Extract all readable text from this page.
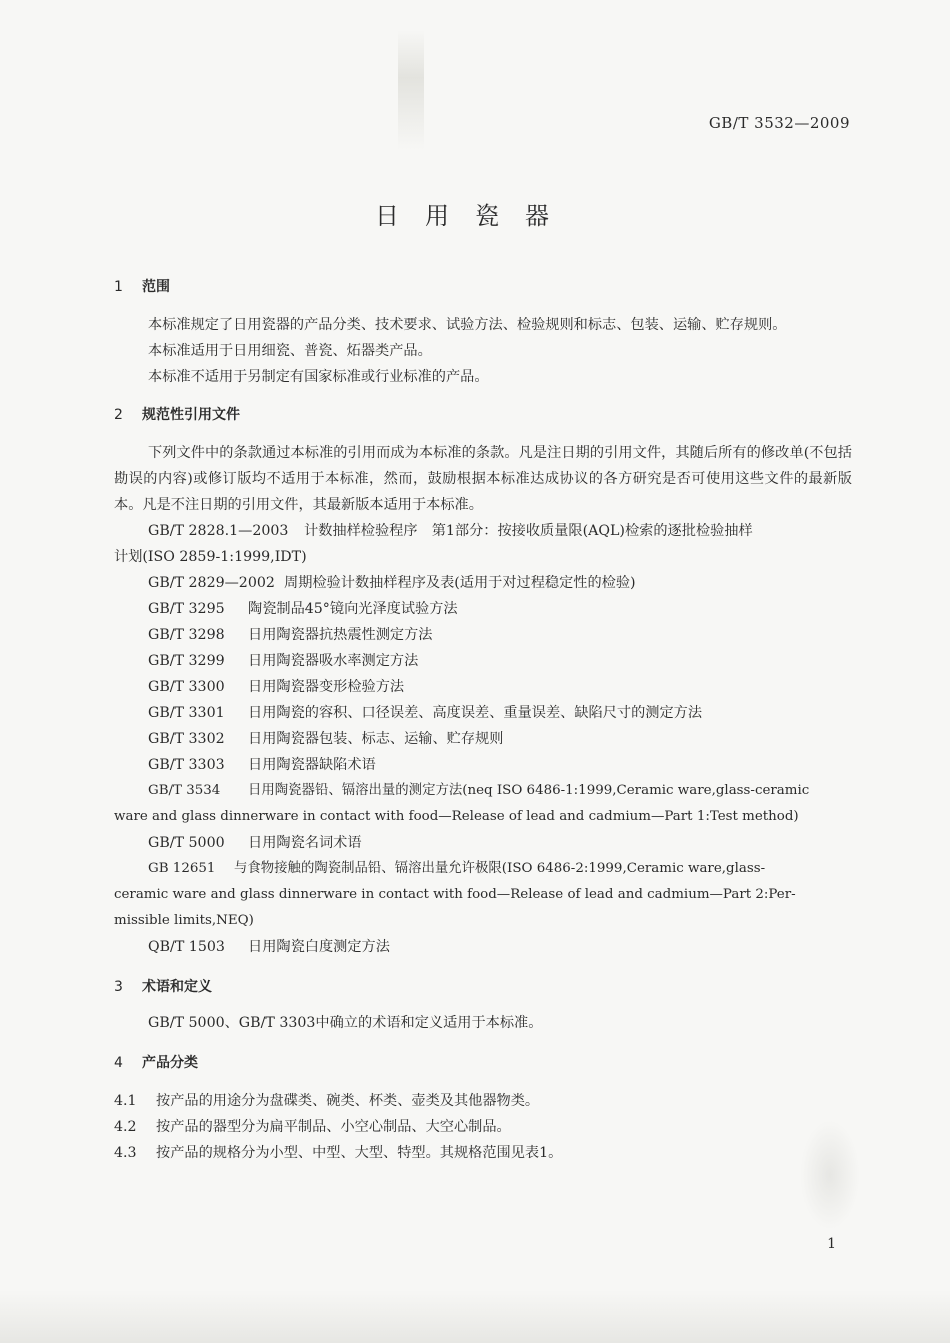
GB/T 3532—2009
日用瓷器
1 范围
本标准规定了日用瓷器的产品分类、技术要求、试验方法、检验规则和标志、包装、运输、贮存规则。
本标准适用于日用细瓷、普瓷、炻器类产品。
本标准不适用于另制定有国家标准或行业标准的产品。
2 规范性引用文件
下列文件中的条款通过本标准的引用而成为本标准的条款。凡是注日期的引用文件，其随后所有的修改单(不包括勘误的内容)或修订版均不适用于本标准，然而，鼓励根据本标准达成协议的各方研究是否可使用这些文件的最新版本。凡是不注日期的引用文件，其最新版本适用于本标准。
GB/T 2828.1—2003 计数抽样检验程序　第1部分：按接收质量限(AQL)检索的逐批检验抽样
计划(ISO 2859-1:1999,IDT)
GB/T 2829—2002 周期检验计数抽样程序及表(适用于对过程稳定性的检验)
GB/T 3295 陶瓷制品45°镜向光泽度试验方法
GB/T 3298 日用陶瓷器抗热震性测定方法
GB/T 3299 日用陶瓷器吸水率测定方法
GB/T 3300 日用陶瓷器变形检验方法
GB/T 3301 日用陶瓷的容积、口径误差、高度误差、重量误差、缺陷尺寸的测定方法
GB/T 3302 日用陶瓷器包装、标志、运输、贮存规则
GB/T 3303 日用陶瓷器缺陷术语
GB/T 3534 日用陶瓷器铅、镉溶出量的测定方法(neq ISO 6486-1:1999,Ceramic ware,glass-ceramic
ware and glass dinnerware in contact with food—Release of lead and cadmium—Part 1:Test method)
GB/T 5000 日用陶瓷名词术语
GB 12651 与食物接触的陶瓷制品铅、镉溶出量允许极限(ISO 6486-2:1999,Ceramic ware,glass-
ceramic ware and glass dinnerware in contact with food—Release of lead and cadmium—Part 2:Per-
missible limits,NEQ)
QB/T 1503 日用陶瓷白度测定方法
3 术语和定义
GB/T 5000、GB/T 3303中确立的术语和定义适用于本标准。
4 产品分类
4.1 按产品的用途分为盘碟类、碗类、杯类、壶类及其他器物类。
4.2 按产品的器型分为扁平制品、小空心制品、大空心制品。
4.3 按产品的规格分为小型、中型、大型、特型。其规格范围见表1。
1
